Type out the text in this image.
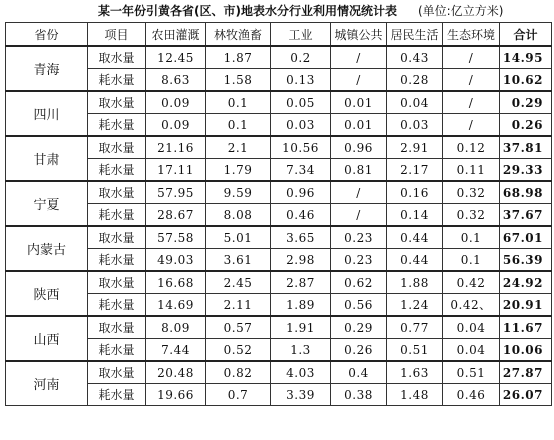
某一年份引黄各省(区、市)地表水分行业利用情况统计表 (单位:亿立方米)
省份	项目	农田灌溉	林牧渔畜	工业	城镇公共	居民生活	生态环境	合计
青海	取水量	12.45	1.87	0.2	/	0.43	/	14.95
	耗水量	8.63	1.58	0.13	/	0.28	/	10.62
四川	取水量	0.09	0.1	0.05	0.01	0.04	/	0.29
	耗水量	0.09	0.1	0.03	0.01	0.03	/	0.26
甘肃	取水量	21.16	2.1	10.56	0.96	2.91	0.12	37.81
	耗水量	17.11	1.79	7.34	0.81	2.17	0.11	29.33
宁夏	取水量	57.95	9.59	0.96	/	0.16	0.32	68.98
	耗水量	28.67	8.08	0.46	/	0.14	0.32	37.67
内蒙古	取水量	57.58	5.01	3.65	0.23	0.44	0.1	67.01
	耗水量	49.03	3.61	2.98	0.23	0.44	0.1	56.39
陕西	取水量	16.68	2.45	2.87	0.62	1.88	0.42	24.92
	耗水量	14.69	2.11	1.89	0.56	1.24	0.42、	20.91
山西	取水量	8.09	0.57	1.91	0.29	0.77	0.04	11.67
	耗水量	7.44	0.52	1.3	0.26	0.51	0.04	10.06
河南	取水量	20.48	0.82	4.03	0.4	1.63	0.51	27.87
	耗水量	19.66	0.7	3.39	0.38	1.48	0.46	26.07
